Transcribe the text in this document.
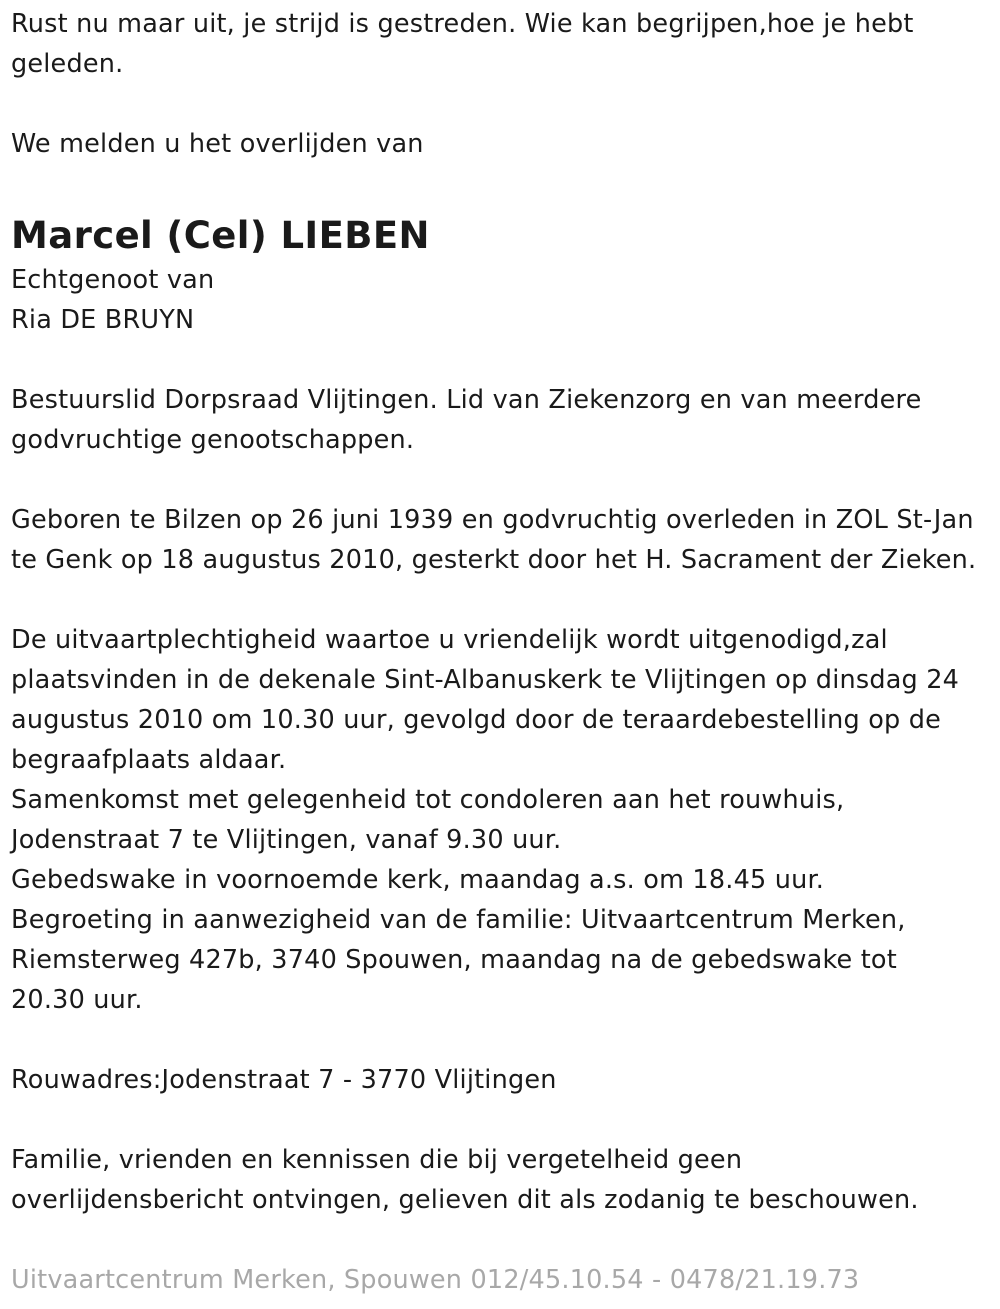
Rust nu maar uit, je strijd is gestreden. Wie kan begrijpen,hoe je hebt

geleden.

We melden u het overlijden van

Marcel (Cel) LIEBEN

Echtgenoot van

Ria DE BRUYN

Bestuurslid Dorpsraad Vlijtingen. Lid van Ziekenzorg en van meerdere

godvruchtige genootschappen.

Geboren te Bilzen op 26 juni 1939 en godvruchtig overleden in ZOL St-Jan

te Genk op 18 augustus 2010, gesterkt door het H. Sacrament der Zieken.

De uitvaartplechtigheid waartoe u vriendelijk wordt uitgenodigd,zal

plaatsvinden in de dekenale Sint-Albanuskerk te Vlijtingen op dinsdag 24

augustus 2010 om 10.30 uur, gevolgd door de teraardebestelling op de

begraafplaats aldaar.

Samenkomst met gelegenheid tot condoleren aan het rouwhuis,

Jodenstraat 7 te Vlijtingen, vanaf 9.30 uur.

Gebedswake in voornoemde kerk, maandag a.s. om 18.45 uur.

Begroeting in aanwezigheid van de familie: Uitvaartcentrum Merken,

Riemsterweg 427b, 3740 Spouwen, maandag na de gebedswake tot

20.30 uur.

Rouwadres:Jodenstraat 7 - 3770 Vlijtingen

Familie, vrienden en kennissen die bij vergetelheid geen

overlijdensbericht ontvingen, gelieven dit als zodanig te beschouwen.

Uitvaartcentrum Merken, Spouwen 012/45.10.54 - 0478/21.19.73
